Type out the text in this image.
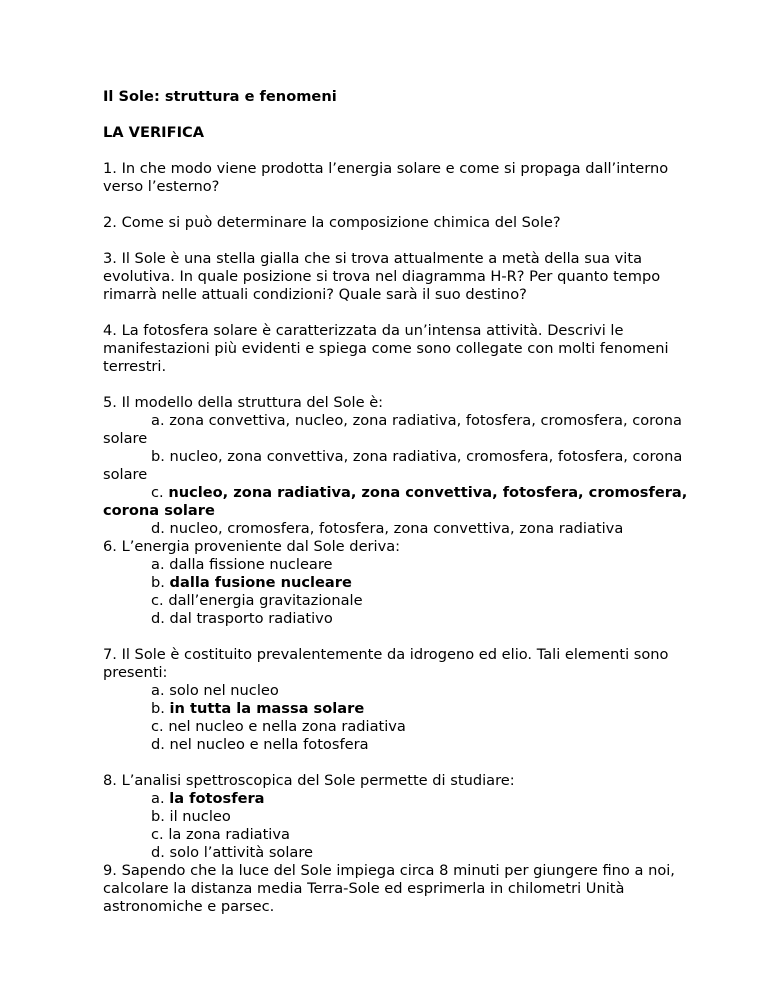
Il Sole: struttura e fenomeni

LA VERIFICA

1. In che modo viene prodotta l’energia solare e come si propaga dall’interno verso l’esterno?

2. Come si può determinare la composizione chimica del Sole?

3. Il Sole è una stella gialla che si trova attualmente a metà della sua vita evolutiva. In quale posizione si trova nel diagramma H-R? Per quanto tempo rimarrà nelle attuali condizioni? Quale sarà il suo destino?

4. La fotosfera solare è caratterizzata da un’intensa attività. Descrivi le manifestazioni più evidenti e spiega come sono collegate con molti fenomeni terrestri.

5. Il modello della struttura del Sole è:
a. zona convettiva, nucleo, zona radiativa, fotosfera, cromosfera, corona
solare
b. nucleo, zona convettiva, zona radiativa, cromosfera, fotosfera, corona
solare
c. nucleo, zona radiativa, zona convettiva, fotosfera, cromosfera,
corona solare
d. nucleo, cromosfera, fotosfera, zona convettiva, zona radiativa
6. L’energia proveniente dal Sole deriva:
a. dalla fissione nucleare
b. dalla fusione nucleare
c. dall’energia gravitazionale
d. dal trasporto radiativo
7. Il Sole è costituito prevalentemente da idrogeno ed elio. Tali elementi sono presenti:
a. solo nel nucleo
b. in tutta la massa solare
c. nel nucleo e nella zona radiativa
d. nel nucleo e nella fotosfera
8. L’analisi spettroscopica del Sole permette di studiare:
a. la fotosfera
b. il nucleo
c. la zona radiativa
d. solo l’attività solare

9. Sapendo che la luce del Sole impiega circa 8 minuti per giungere fino a noi, calcolare la distanza media Terra-Sole ed esprimerla in chilometri Unità astronomiche e parsec.
